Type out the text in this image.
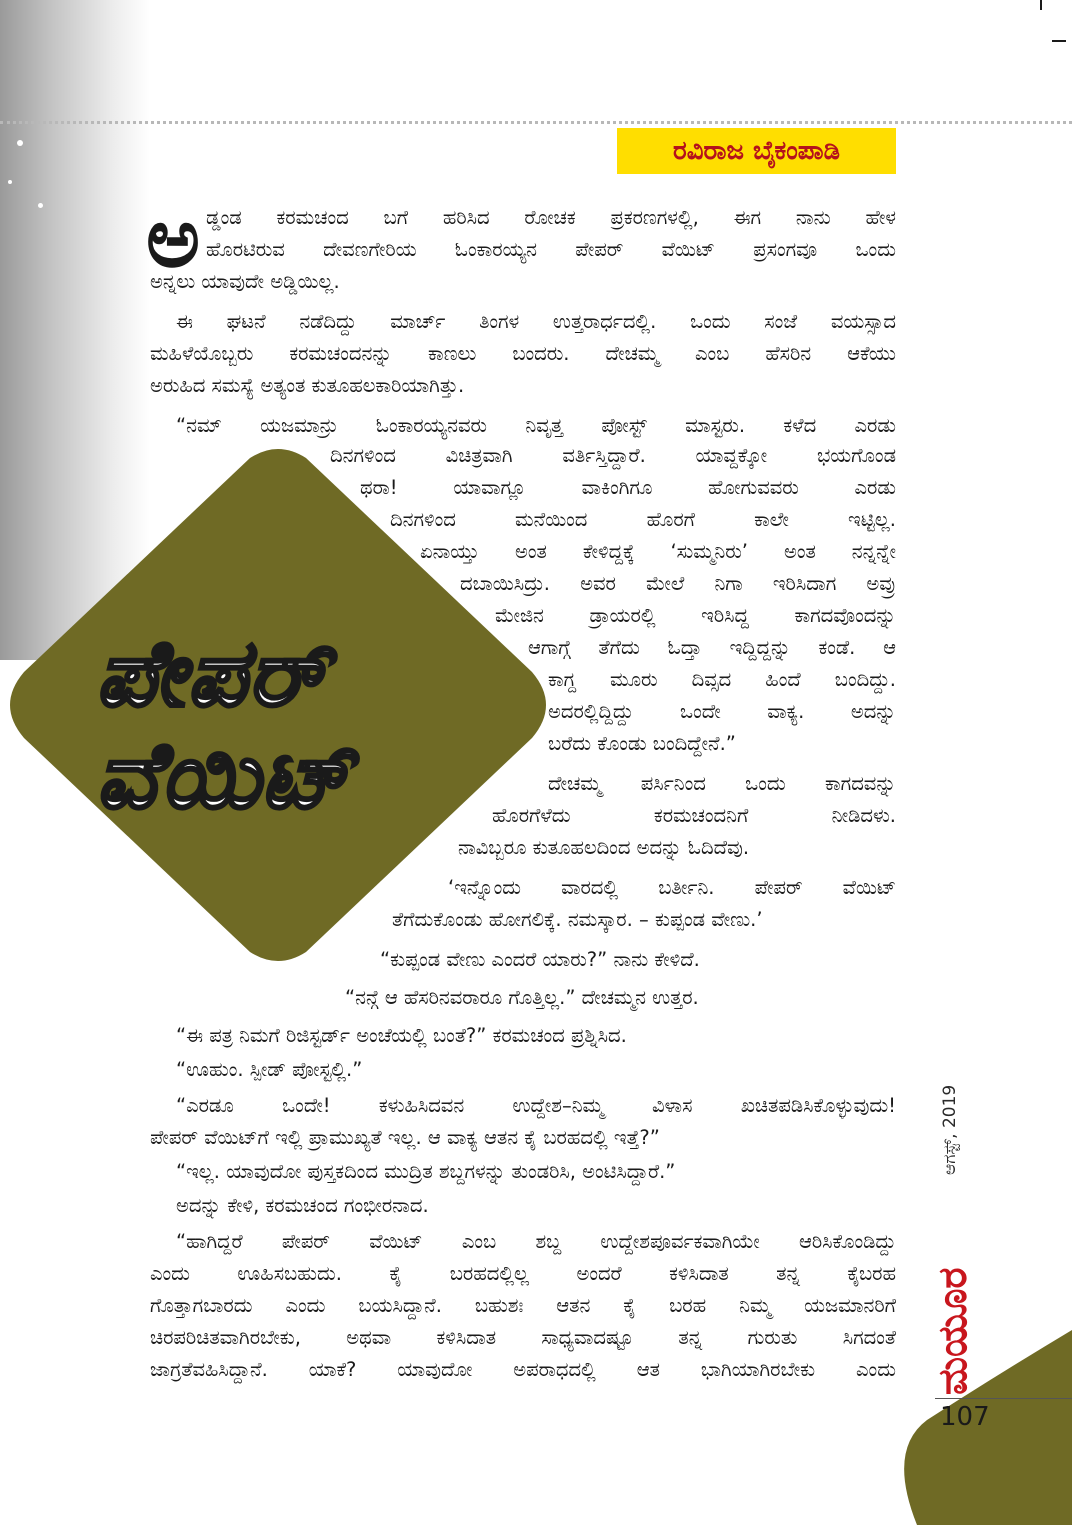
ರವಿರಾಜ ಬೈಕಂಪಾಡಿ
ಪೇಪರ್
ವೆಯಿಟ್
ಅ ಡ್ಡಂಡ ಕರಮಚಂದ ಬಗೆ ಹರಿಸಿದ ರೋಚಕ ಪ್ರಕರಣಗಳಲ್ಲಿ, ಈಗ ನಾನು ಹೇಳ
ಹೊರಟಿರುವ ದೇವಣಗೇರಿಯ ಓಂಕಾರಯ್ಯನ ಪೇಪರ್ ವೆಯಿಟ್ ಪ್ರಸಂಗವೂ ಒಂದು
ಅನ್ನಲು ಯಾವುದೇ ಅಡ್ಡಿಯಿಲ್ಲ.
ಈ ಘಟನೆ ನಡೆದಿದ್ದು ಮಾರ್ಚ್ ತಿಂಗಳ ಉತ್ತರಾರ್ಧದಲ್ಲಿ. ಒಂದು ಸಂಜೆ ವಯಸ್ಸಾದ
ಮಹಿಳೆಯೊಬ್ಬರು ಕರಮಚಂದನನ್ನು ಕಾಣಲು ಬಂದರು. ದೇಚಮ್ಮ ಎಂಬ ಹೆಸರಿನ ಆಕೆಯು
ಅರುಹಿದ ಸಮಸ್ಯೆ ಅತ್ಯಂತ ಕುತೂಹಲಕಾರಿಯಾಗಿತ್ತು.
“ನಮ್ ಯಜಮಾನ್ರು ಓಂಕಾರಯ್ಯನವರು ನಿವೃತ್ತ ಪೋಸ್ಟ್ ಮಾಸ್ಟರು. ಕಳೆದ ಎರಡು
ದಿನಗಳಿಂದ ವಿಚಿತ್ರವಾಗಿ ವರ್ತಿಸ್ತಿದ್ದಾರೆ. ಯಾವ್ದಕ್ಕೋ ಭಯಗೊಂಡ
ಥರಾ! ಯಾವಾಗ್ಲೂ ವಾಕಿಂಗಿಗೂ ಹೋಗುವವರು ಎರಡು
ದಿನಗಳಿಂದ ಮನೆಯಿಂದ ಹೊರಗೆ ಕಾಲೇ ಇಟ್ಟಿಲ್ಲ.
ಏನಾಯ್ತು ಅಂತ ಕೇಳಿದ್ದಕ್ಕೆ ‘ಸುಮ್ಮನಿರು’ ಅಂತ ನನ್ನನ್ನೇ
ದಬಾಯಿಸಿದ್ರು. ಅವರ ಮೇಲೆ ನಿಗಾ ಇರಿಸಿದಾಗ ಅವ್ರು
ಮೇಜಿನ ಡ್ರಾಯರಲ್ಲಿ ಇರಿಸಿದ್ದ ಕಾಗದವೊಂದನ್ನು
ಆಗಾಗ್ಗೆ ತೆಗೆದು ಓದ್ತಾ ಇದ್ದಿದ್ದನ್ನು ಕಂಡೆ. ಆ
ಕಾಗ್ದ ಮೂರು ದಿವ್ಸದ ಹಿಂದೆ ಬಂದಿದ್ದು.
ಅದರಲ್ಲಿದ್ದಿದ್ದು ಒಂದೇ ವಾಕ್ಯ. ಅದನ್ನು
ಬರೆದು ಕೊಂಡು ಬಂದಿದ್ದೇನೆ.”
ದೇಚಮ್ಮ ಪರ್ಸಿನಿಂದ ಒಂದು ಕಾಗದವನ್ನು
ಹೊರಗೆಳೆದು ಕರಮಚಂದನಿಗೆ ನೀಡಿದಳು.
ನಾವಿಬ್ಬರೂ ಕುತೂಹಲದಿಂದ ಅದನ್ನು ಓದಿದೆವು.
‘ಇನ್ನೊಂದು ವಾರದಲ್ಲಿ ಬರ್ತೀನಿ. ಪೇಪರ್ ವೆಯಿಟ್
ತೆಗೆದುಕೊಂಡು ಹೋಗಲಿಕ್ಕೆ. ನಮಸ್ಕಾರ. – ಕುಪ್ಪಂಡ ವೇಣು.’
“ಕುಪ್ಪಂಡ ವೇಣು ಎಂದರೆ ಯಾರು?” ನಾನು ಕೇಳಿದೆ.
“ನನ್ಗೆ ಆ ಹೆಸರಿನವರಾರೂ ಗೊತ್ತಿಲ್ಲ.” ದೇಚಮ್ಮನ ಉತ್ತರ.
“ಈ ಪತ್ರ ನಿಮಗೆ ರಿಜಿಸ್ಟರ್ಡ್ ಅಂಚೆಯಲ್ಲಿ ಬಂತೆ?” ಕರಮಚಂದ ಪ್ರಶ್ನಿಸಿದ.
“ಊಹುಂ. ಸ್ಪೀಡ್ ಪೋಸ್ಟಲ್ಲಿ.”
“ಎರಡೂ ಒಂದೇ! ಕಳುಹಿಸಿದವನ ಉದ್ದೇಶ–ನಿಮ್ಮ ವಿಳಾಸ ಖಚಿತಪಡಿಸಿಕೊಳ್ಳುವುದು!
ಪೇಪರ್ ವೆಯಿಟ್‌ಗೆ ಇಲ್ಲಿ ಪ್ರಾಮುಖ್ಯತೆ ಇಲ್ಲ. ಆ ವಾಕ್ಯ ಆತನ ಕೈ ಬರಹದಲ್ಲಿ ಇತ್ತೆ?”
“ಇಲ್ಲ. ಯಾವುದೋ ಪುಸ್ತಕದಿಂದ ಮುದ್ರಿತ ಶಬ್ದಗಳನ್ನು ತುಂಡರಿಸಿ, ಅಂಟಿಸಿದ್ದಾರೆ.”
ಅದನ್ನು ಕೇಳಿ, ಕರಮಚಂದ ಗಂಭೀರನಾದ.
“ಹಾಗಿದ್ದರೆ ಪೇಪರ್ ವೆಯಿಟ್ ಎಂಬ ಶಬ್ದ ಉದ್ದೇಶಪೂರ್ವಕವಾಗಿಯೇ ಆರಿಸಿಕೊಂಡಿದ್ದು
ಎಂದು ಊಹಿಸಬಹುದು. ಕೈ ಬರಹದಲ್ಲಿಲ್ಲ ಅಂದರೆ ಕಳಿಸಿದಾತ ತನ್ನ ಕೈಬರಹ
ಗೊತ್ತಾಗಬಾರದು ಎಂದು ಬಯಸಿದ್ದಾನೆ. ಬಹುಶಃ ಆತನ ಕೈ ಬರಹ ನಿಮ್ಮ ಯಜಮಾನರಿಗೆ
ಚಿರಪರಿಚಿತವಾಗಿರಬೇಕು, ಅಥವಾ ಕಳಿಸಿದಾತ ಸಾಧ್ಯವಾದಷ್ಟೂ ತನ್ನ ಗುರುತು ಸಿಗದಂತೆ
ಜಾಗ್ರತೆವಹಿಸಿದ್ದಾನೆ. ಯಾಕೆ? ಯಾವುದೋ ಅಪರಾಧದಲ್ಲಿ ಆತ ಭಾಗಿಯಾಗಿರಬೇಕು ಎಂದು ಮಯೂರ
ಆಗಸ್ಟ್, 2019
107
